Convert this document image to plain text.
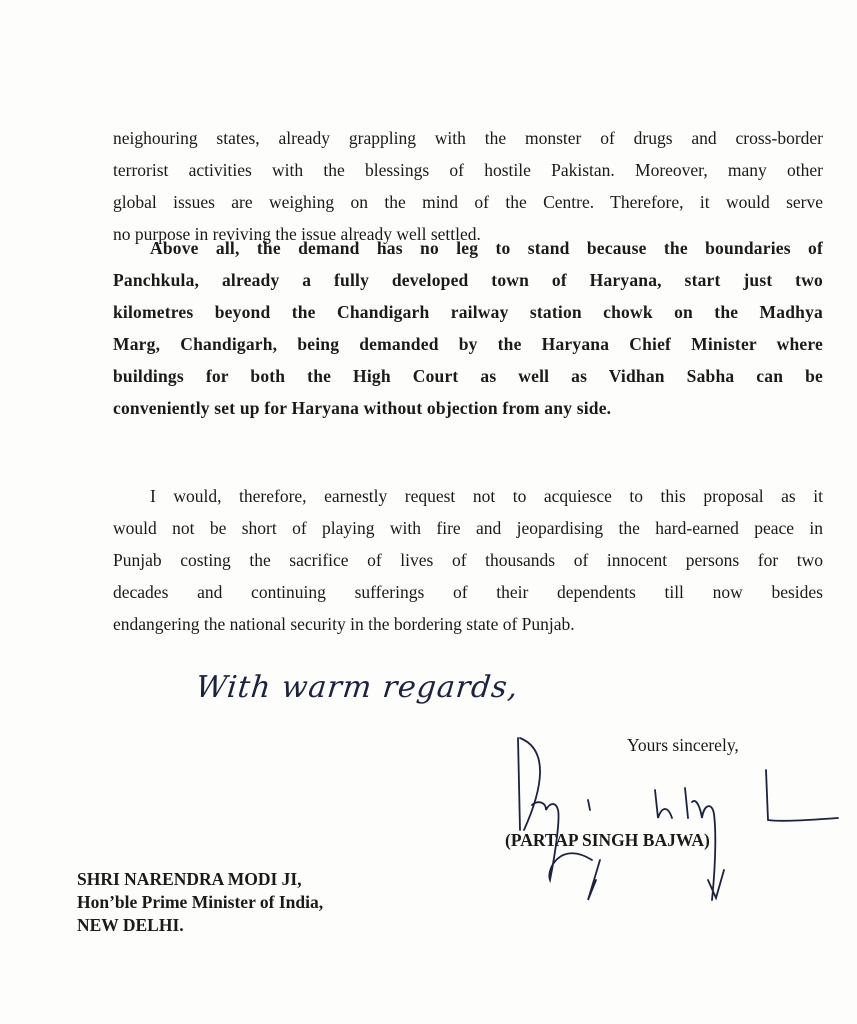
neighouring states, already grappling with the monster of drugs and cross-border
terrorist activities with the blessings of hostile Pakistan. Moreover, many other
global issues are weighing on the mind of the Centre. Therefore, it would serve
no purpose in reviving the issue already well settled.
Above all, the demand has no leg to stand because the boundaries of
Panchkula, already a fully developed town of Haryana, start just two
kilometres beyond the Chandigarh railway station chowk on the Madhya
Marg, Chandigarh, being demanded by the Haryana Chief Minister where
buildings for both the High Court as well as Vidhan Sabha can be
conveniently set up for Haryana without objection from any side.
I would, therefore, earnestly request not to acquiesce to this proposal as it
would not be short of playing with fire and jeopardising the hard-earned peace in
Punjab costing the sacrifice of lives of thousands of innocent persons for two
decades and continuing sufferings of their dependents till now besides
endangering the national security in the bordering state of Punjab.
With warm regards,
Yours sincerely,
(PARTAP SINGH BAJWA)
SHRI NARENDRA MODI JI,
Hon’ble Prime Minister of India,
NEW DELHI.
